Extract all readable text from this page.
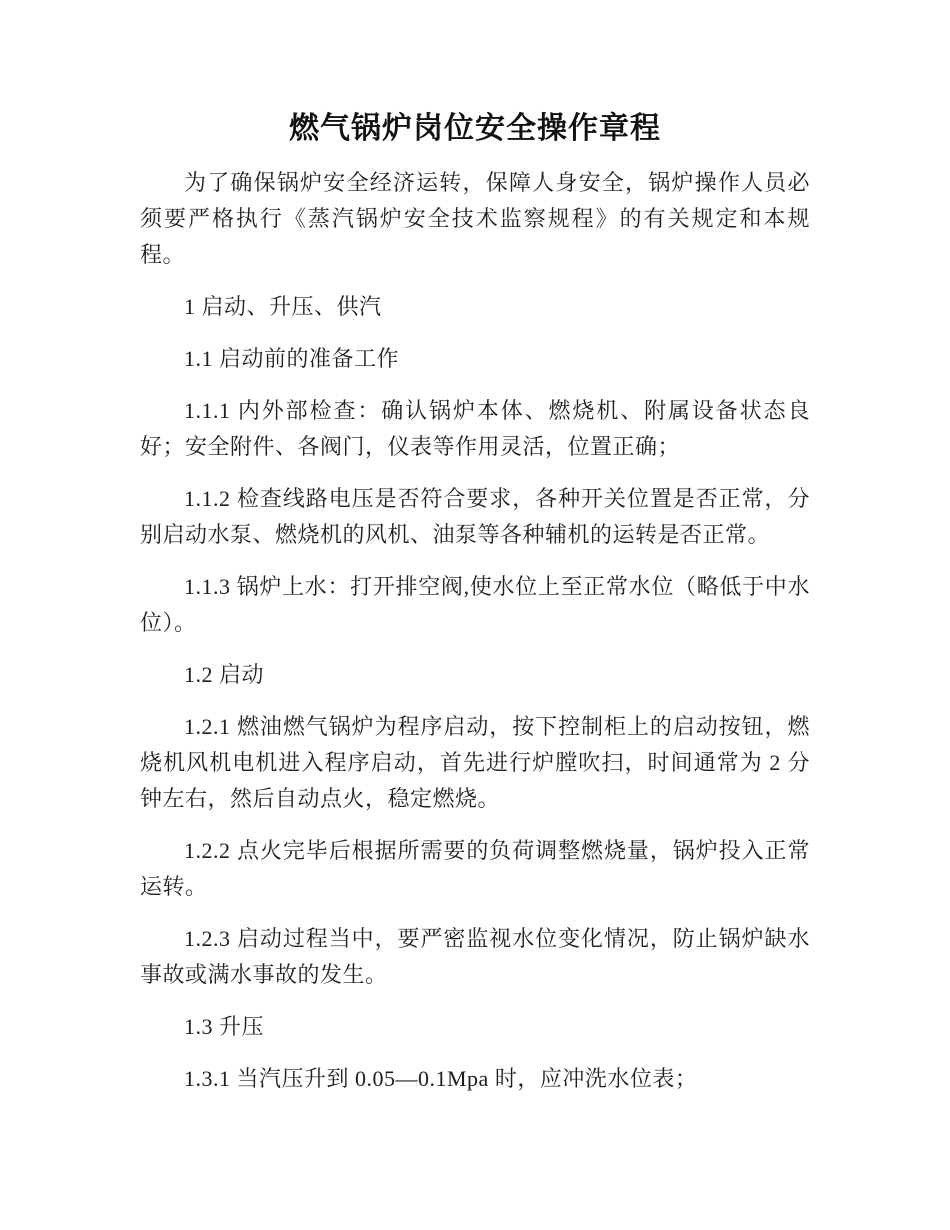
燃气锅炉岗位安全操作章程

为了确保锅炉安全经济运转，保障人身安全，锅炉操作人员必须要严格执行《蒸汽锅炉安全技术监察规程》的有关规定和本规程。

1 启动、升压、供汽

1.1 启动前的准备工作

1.1.1 内外部检查：确认锅炉本体、燃烧机、附属设备状态良好；安全附件、各阀门，仪表等作用灵活，位置正确；

1.1.2 检查线路电压是否符合要求，各种开关位置是否正常，分别启动水泵、燃烧机的风机、油泵等各种辅机的运转是否正常。

1.1.3 锅炉上水：打开排空阀,使水位上至正常水位（略低于中水位）。

1.2 启动

1.2.1 燃油燃气锅炉为程序启动，按下控制柜上的启动按钮，燃烧机风机电机进入程序启动，首先进行炉膛吹扫，时间通常为 2 分钟左右，然后自动点火，稳定燃烧。

1.2.2 点火完毕后根据所需要的负荷调整燃烧量，锅炉投入正常运转。

1.2.3 启动过程当中，要严密监视水位变化情况，防止锅炉缺水事故或满水事故的发生。

1.3 升压

1.3.1 当汽压升到 0.05—0.1Mpa 时，应冲洗水位表；
